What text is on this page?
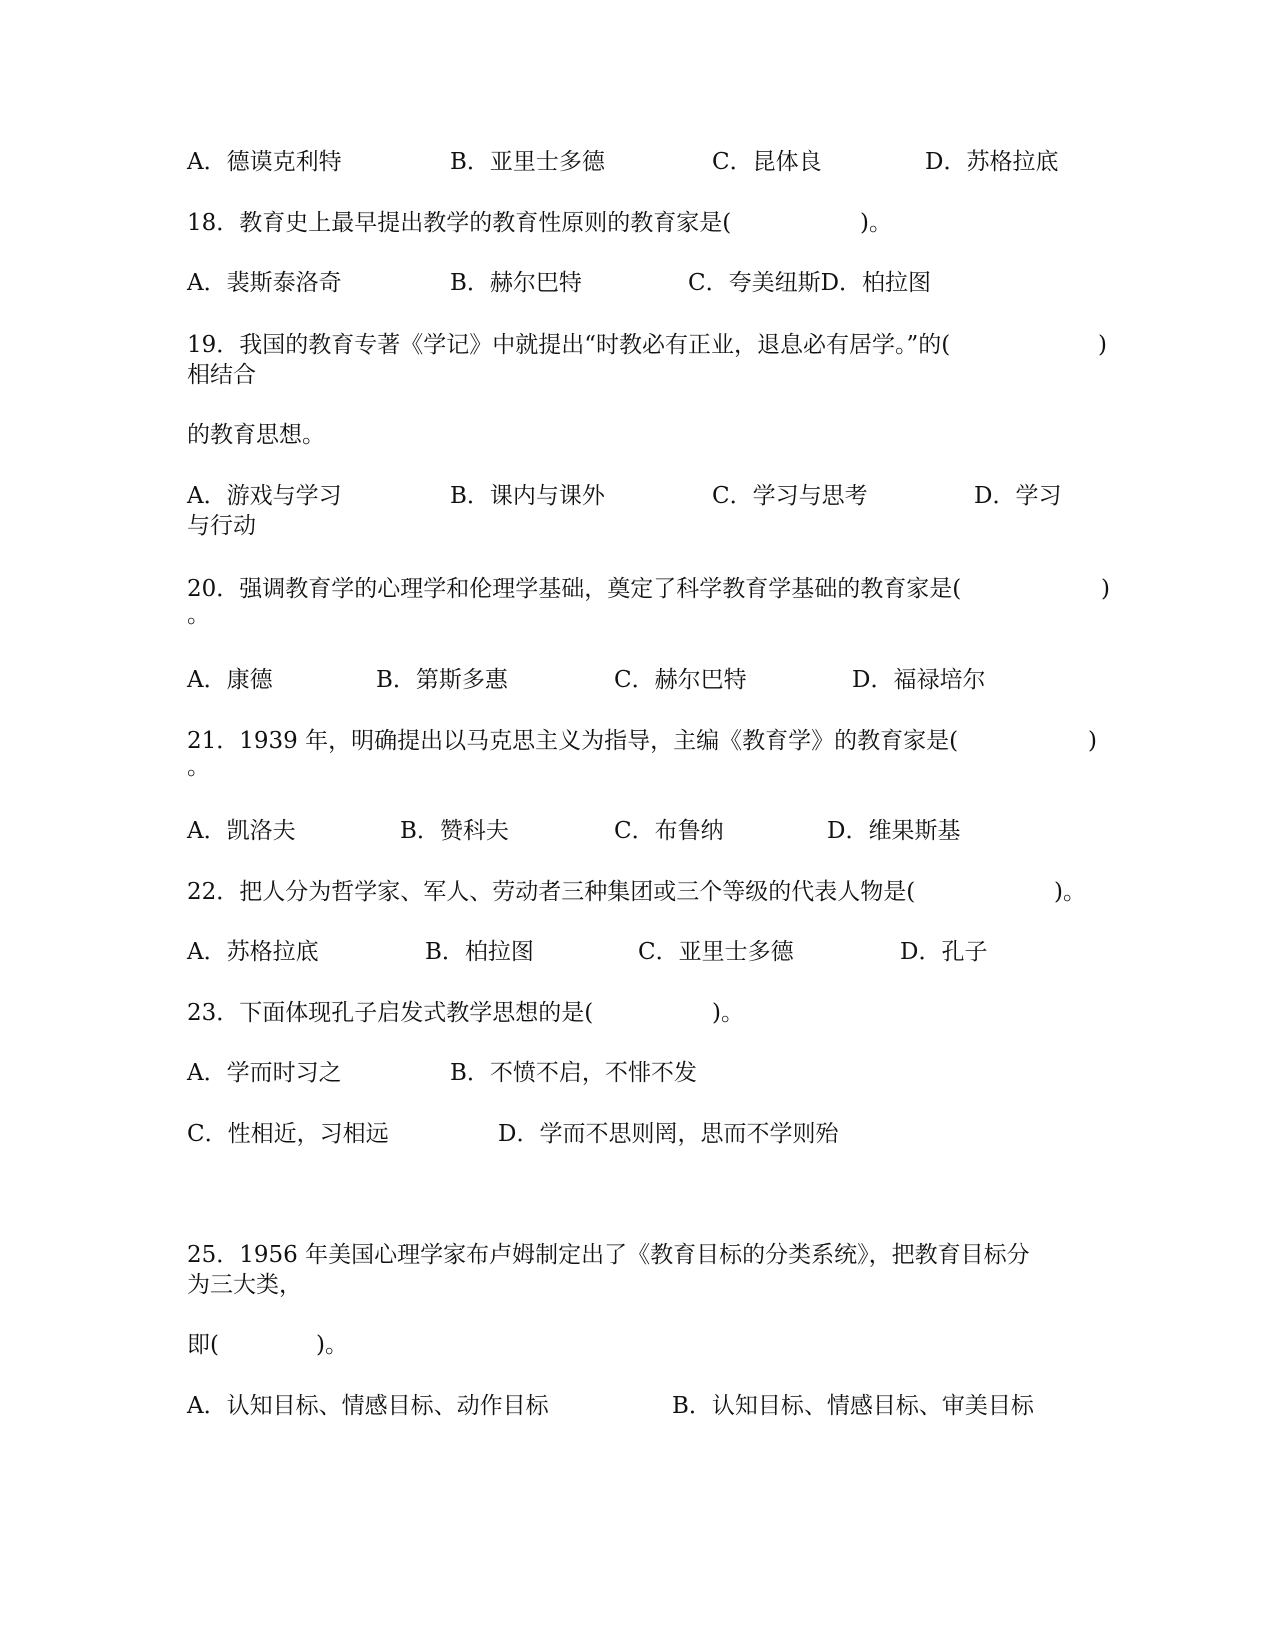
A．德谟克利特	B．亚里士多德	C．昆体良	D．苏格拉底
18．教育史上最早提出教学的教育性原则的教育家是(	)。
A．裴斯泰洛奇	B．赫尔巴特	C．夸美纽斯D．柏拉图
19．我国的教育专著《学记》中就提出“时教必有正业，退息必有居学。”的(	)
相结合
的教育思想。
A．游戏与学习	B．课内与课外	C．学习与思考	D．学习
与行动
20．强调教育学的心理学和伦理学基础，奠定了科学教育学基础的教育家是(	)
。
A．康德	B．第斯多惠	C．赫尔巴特	D．福禄培尔
21．1939 年，明确提出以马克思主义为指导，主编《教育学》的教育家是(	)
。
A．凯洛夫	B．赞科夫	C．布鲁纳	D．维果斯基
22．把人分为哲学家、军人、劳动者三种集团或三个等级的代表人物是(	)。
A．苏格拉底	B．柏拉图	C．亚里士多德	D．孔子
23．下面体现孔子启发式教学思想的是(	)。
A．学而时习之	B．不愤不启，不悱不发
C．性相近，习相远	D．学而不思则罔，思而不学则殆
25．1956 年美国心理学家布卢姆制定出了《教育目标的分类系统》，把教育目标分
为三大类，
即(	)。
A．认知目标、情感目标、动作目标	B．认知目标、情感目标、审美目标
